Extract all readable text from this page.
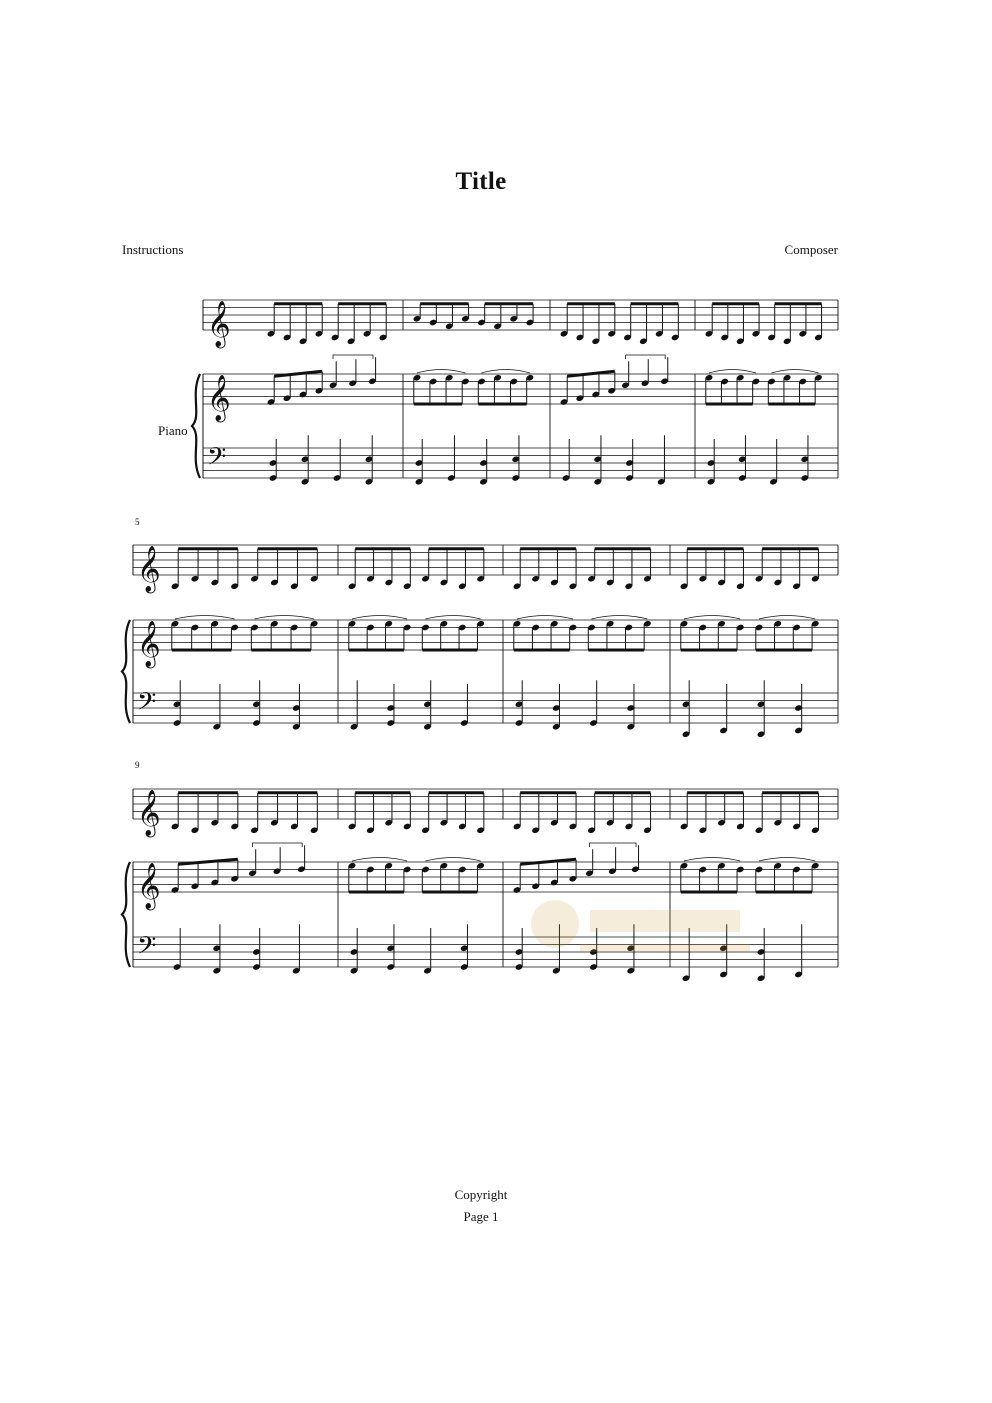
Title
Instructions	Composer
Piano
5
9
𝄞
𝄞
𝄢
𝄞
𝄞
𝄢
𝄞
𝄞
𝄢
Copyright
Page 1
